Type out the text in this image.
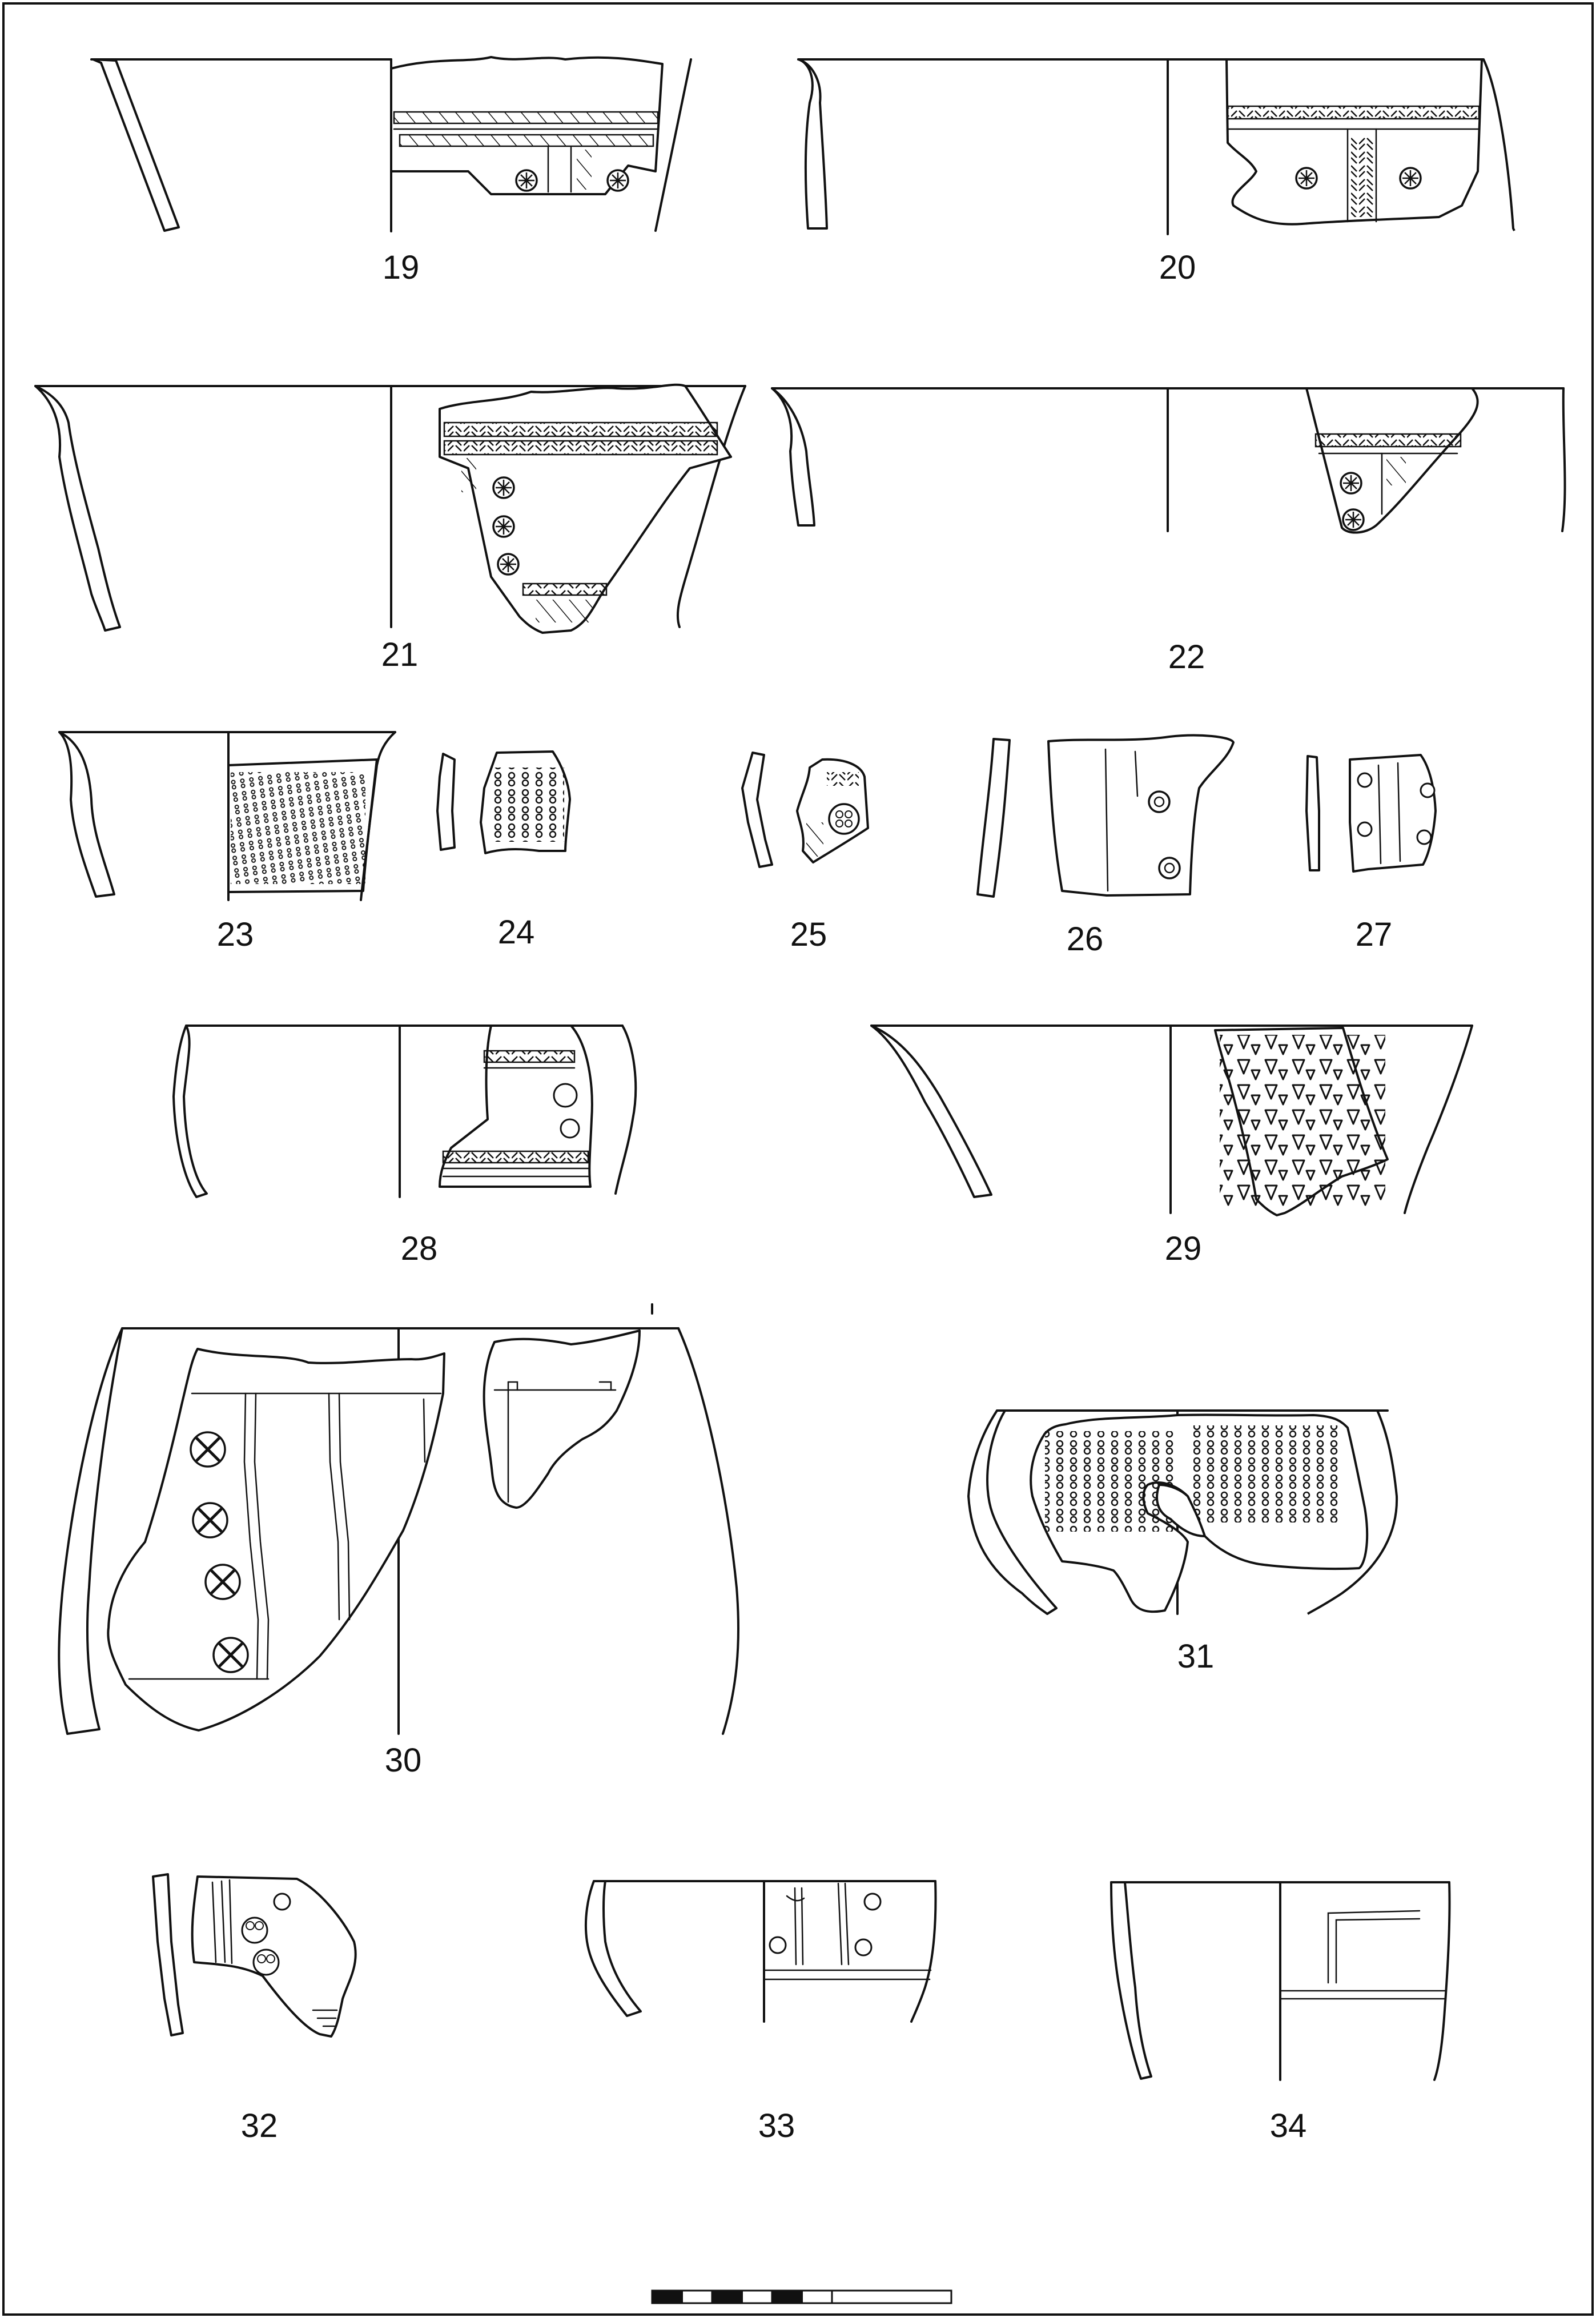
19	20
21	22
23	24	25	26	27
28	29
30
31
32	33	34
